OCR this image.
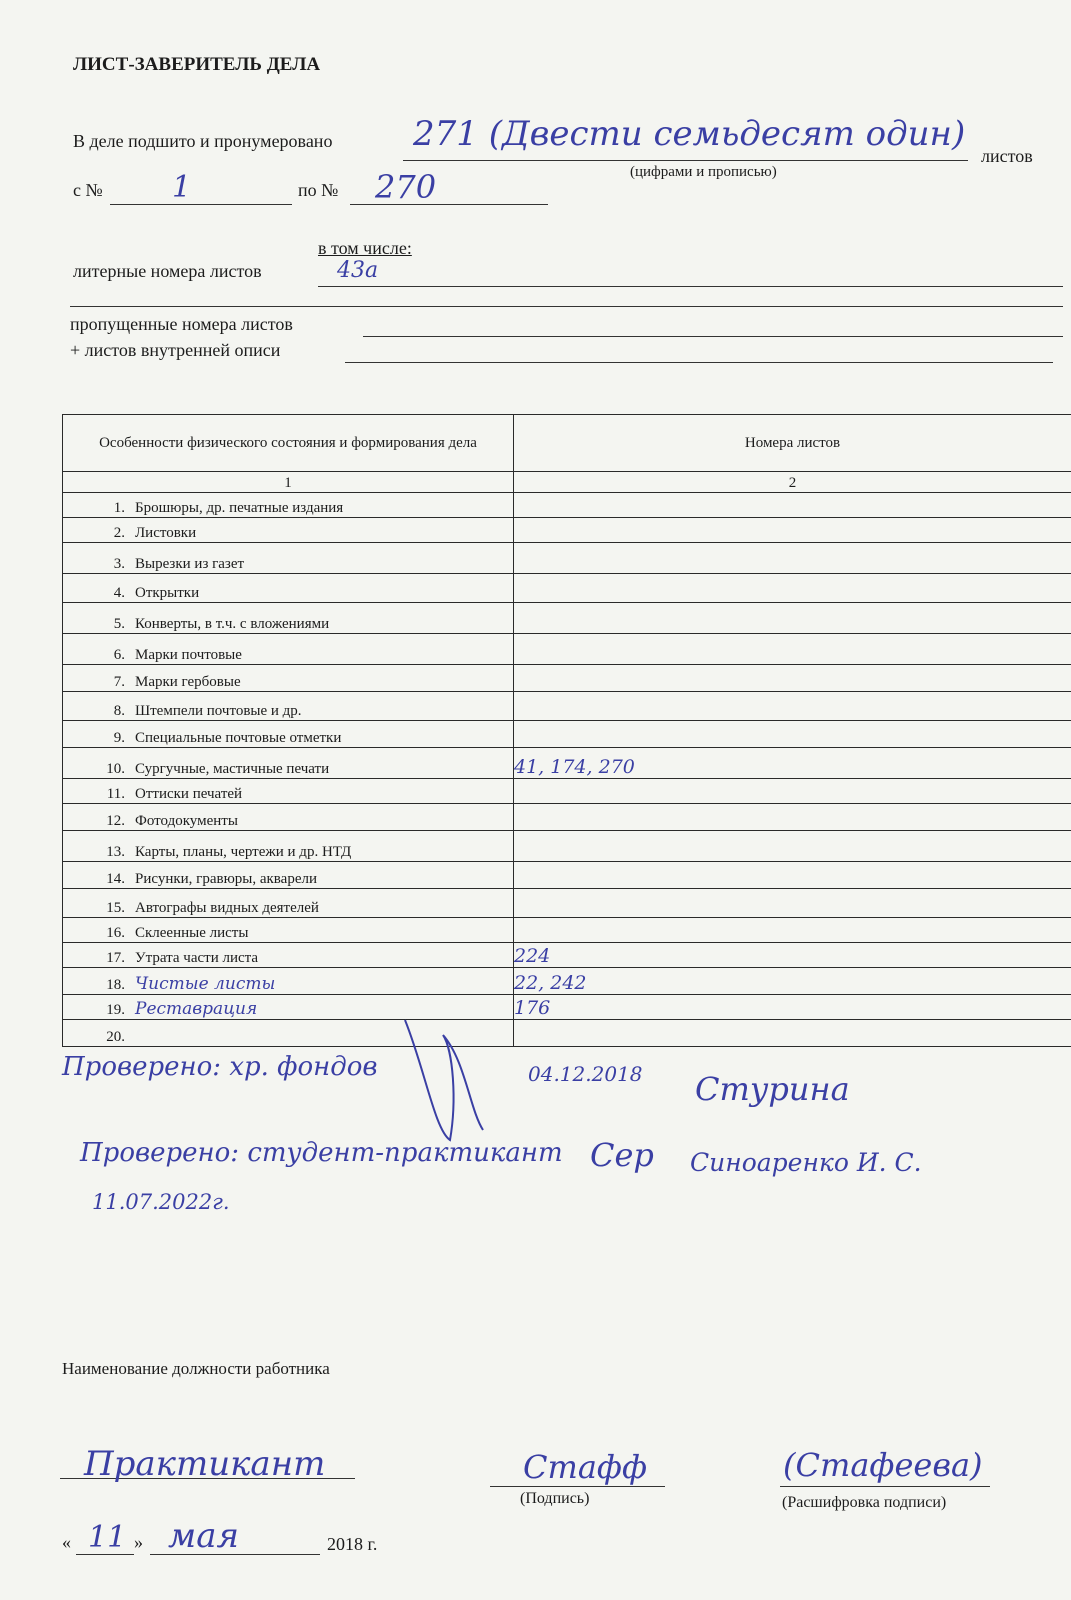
ЛИСТ-ЗАВЕРИТЕЛЬ ДЕЛА
В деле подшито и пронумеровано 271 (Двести семьдесят один)
листов
(цифрами и прописью)
с № 1	по № 270
в том числе:
литерные номера листов	43а
пропущенные номера листов
+ листов внутренней описи
Особенности физического состояния и формирования дела	Номера листов
1	2
1. Брошюры, др. печатные издания	
2. Листовки	
3. Вырезки из газет	
4. Открытки	
5. Конверты, в т.ч. с вложениями	
6. Марки почтовые	
7. Марки гербовые	
8. Штемпели почтовые и др.	
9. Специальные почтовые отметки	
10. Сургучные, мастичные печати	41, 174, 270
11. Оттиски печатей	
12. Фотодокументы	
13. Карты, планы, чертежи и др. НТД	
14. Рисунки, гравюры, акварели	
15. Автографы видных деятелей	
16. Склеенные листы	
17. Утрата части листа	224
18. Чистые листы	22, 242
19. Реставрация	176
20.	
Проверено: хр. фондов	04.12.2018 Стурина
Проверено: студент-практикант Сер Синоаренко И. С.
11.07.2022г.
Наименование должности работника
Практикант	Стафф
(Подпись)
(Стафеева)
(Расшифровка подписи)
« 11 » мая	2018 г.
